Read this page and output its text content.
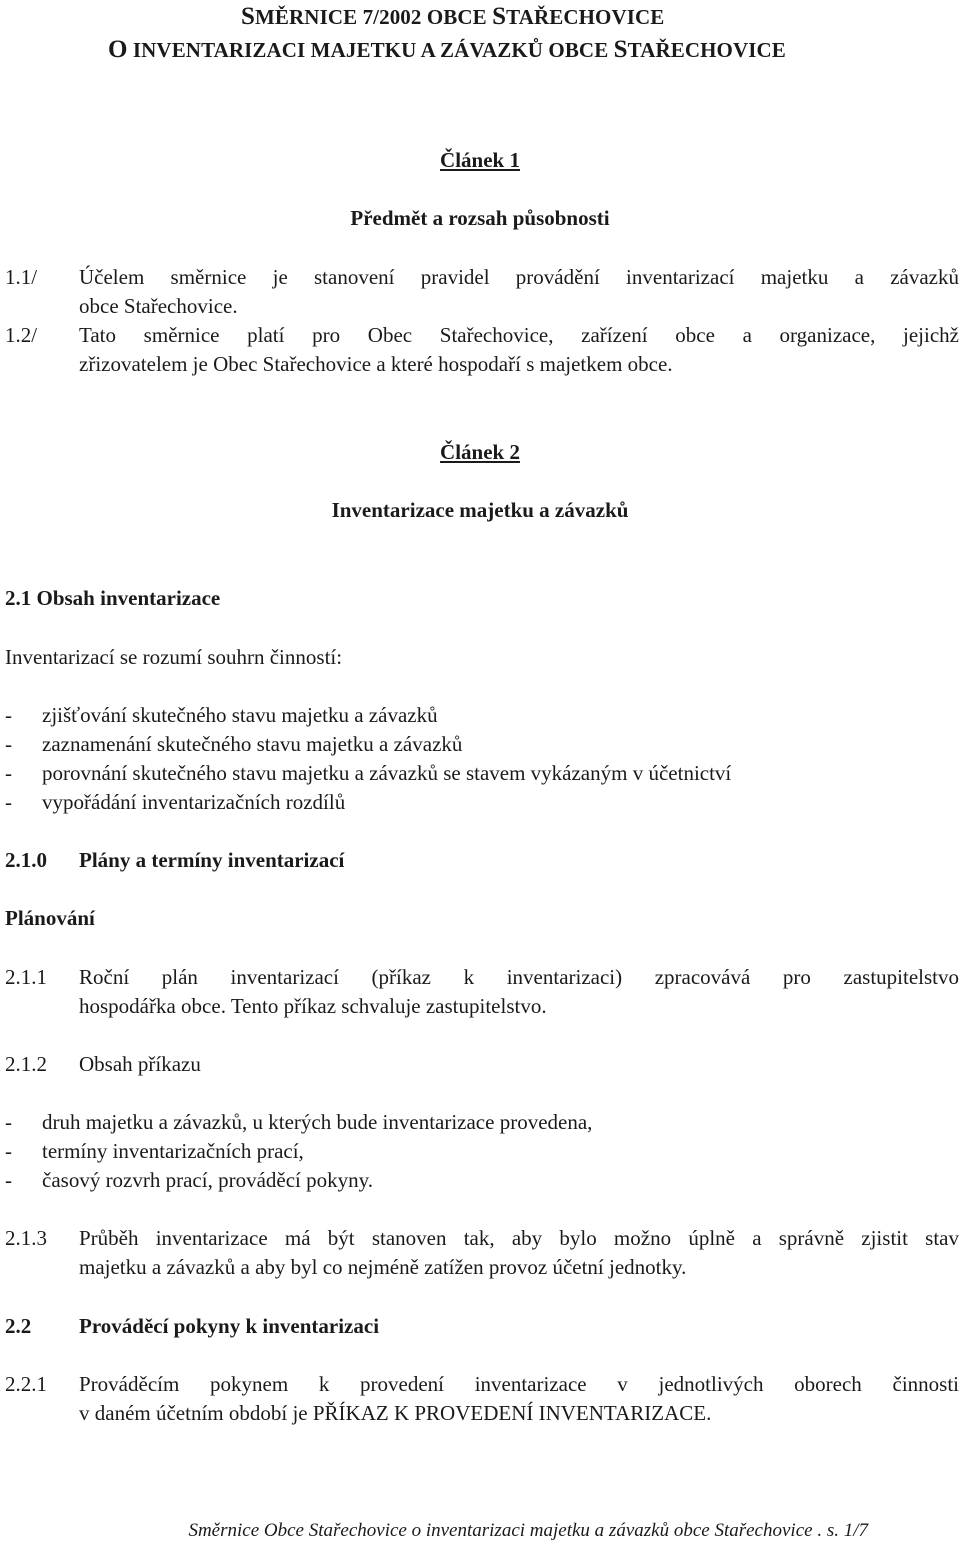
SMĚRNICE 7/2002 OBCE STAŘECHOVICE
O INVENTARIZACI MAJETKU A ZÁVAZKŮ OBCE STAŘECHOVICE
Článek 1
Předmět a rozsah působnosti
1.1/ Účelem směrnice je stanovení pravidel provádění inventarizací majetku a závazků
obce Stařechovice.
1.2/ Tato směrnice platí pro Obec Stařechovice, zařízení obce a organizace, jejichž
zřizovatelem je Obec Stařechovice a které hospodaří s majetkem obce.
Článek 2
Inventarizace majetku a závazků
2.1 Obsah inventarizace
Inventarizací se rozumí souhrn činností:
- zjišťování skutečného stavu majetku a závazků
- zaznamenání skutečného stavu majetku a závazků
- porovnání skutečného stavu majetku a závazků se stavem vykázaným v účetnictví
- vypořádání inventarizačních rozdílů
2.1.0 Plány a termíny inventarizací
Plánování
2.1.1 Roční plán inventarizací (příkaz k inventarizaci) zpracovává pro zastupitelstvo
hospodářka obce. Tento příkaz schvaluje zastupitelstvo.
2.1.2 Obsah příkazu
- druh majetku a závazků, u kterých bude inventarizace provedena,
- termíny inventarizačních prací,
- časový rozvrh prací, prováděcí pokyny.
2.1.3 Průběh inventarizace má být stanoven tak, aby bylo možno úplně a správně zjistit stav
majetku a závazků a aby byl co nejméně zatížen provoz účetní jednotky.
2.2 Prováděcí pokyny k inventarizaci
2.2.1 Prováděcím pokynem k provedení inventarizace v jednotlivých oborech činnosti
v daném účetním období je PŘÍKAZ K PROVEDENÍ INVENTARIZACE.
Směrnice Obce Stařechovice o inventarizaci majetku a závazků obce Stařechovice . s. 1/7
